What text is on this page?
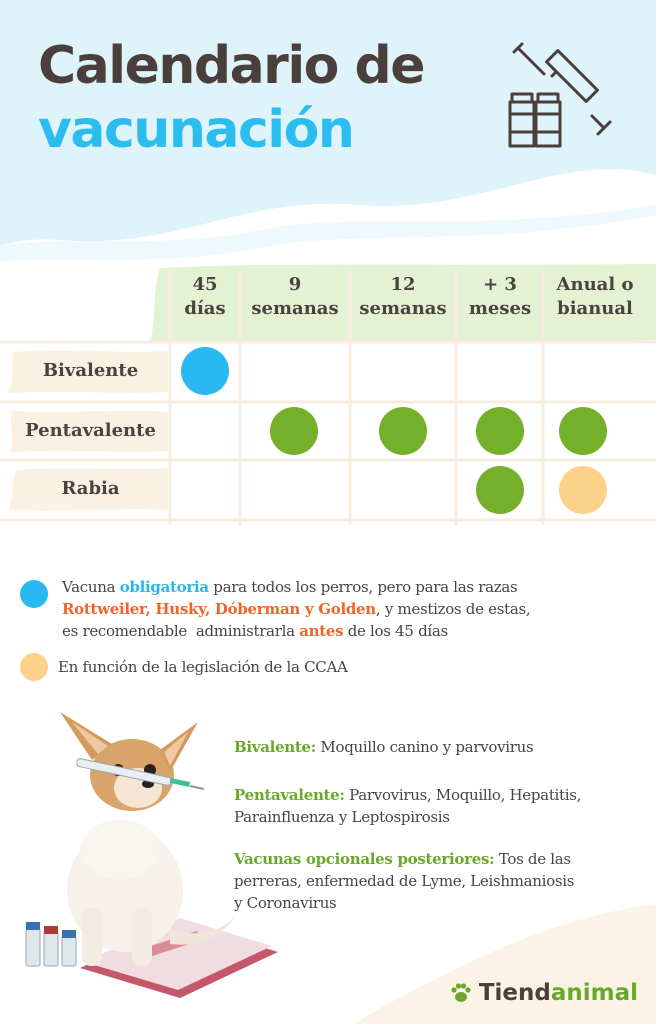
Calendario de
vacunación
45
días
9
semanas
12
semanas
+ 3
meses
Anual o
bianual
Bivalente
Pentavalente
Rabia
Vacuna obligatoria para todos los perros, pero para las razas
Rottweiler, Husky, Dóberman y Golden, y mestizos de estas,
es recomendable  administrarla antes de los 45 días
En función de la legislación de la CCAA
Bivalente: Moquillo canino y parvovirus
Pentavalente: Parvovirus, Moquillo, Hepatitis,
Parainfluenza y Leptospirosis
Vacunas opcionales posteriores: Tos de las
perreras, enfermedad de Lyme, Leishmaniosis
y Coronavirus
Tiend animal
